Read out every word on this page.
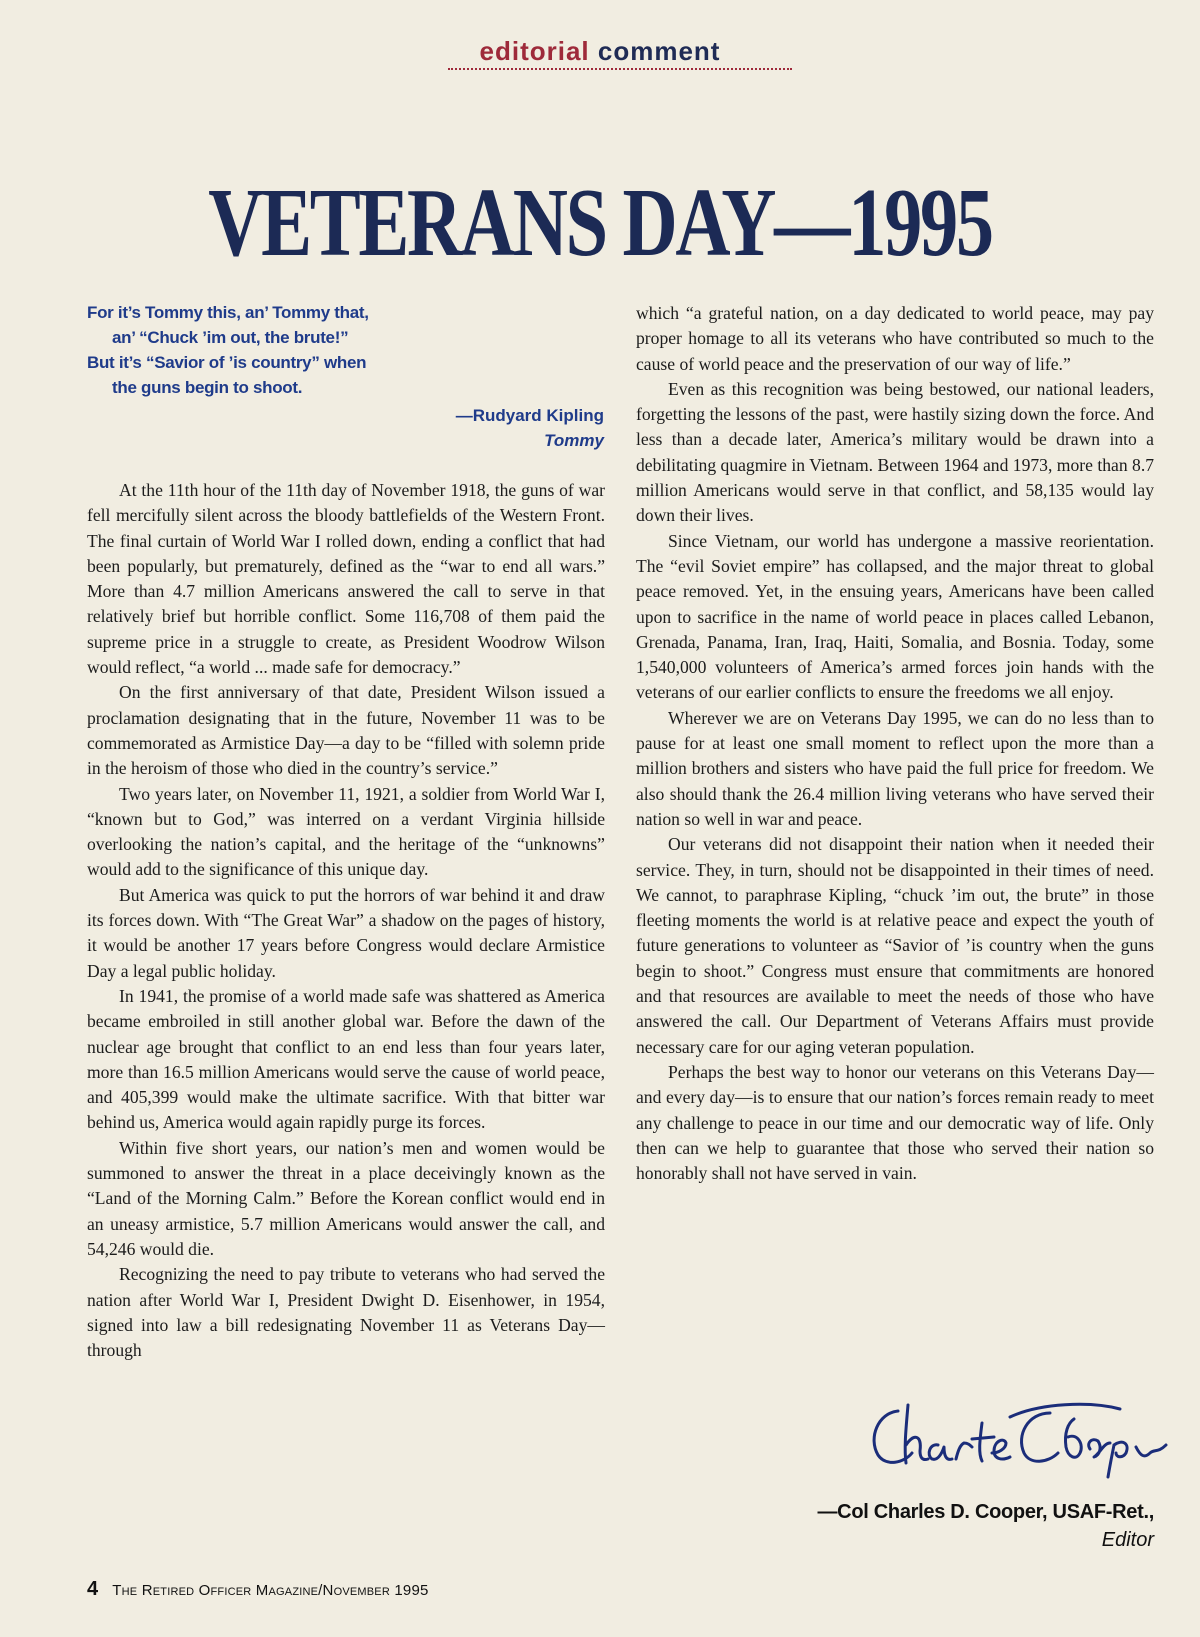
editorial comment
VETERANS DAY—1995
For it’s Tommy this, an’ Tommy that,
an’ “Chuck ’im out, the brute!”
But it’s “Savior of ’is country” when
the guns begin to shoot.
—Rudyard Kipling
Tommy

At the 11th hour of the 11th day of November 1918, the guns of war fell mercifully silent across the bloody battlefields of the Western Front. The final curtain of World War I rolled down, ending a conflict that had been popularly, but prematurely, defined as the “war to end all wars.” More than 4.7 million Americans answered the call to serve in that relatively brief but horrible conflict. Some 116,708 of them paid the supreme price in a struggle to create, as President Woodrow Wilson would reflect, “a world ... made safe for democracy.”

On the first anniversary of that date, President Wilson issued a proclamation designating that in the future, November 11 was to be commemorated as Armistice Day—a day to be “filled with solemn pride in the heroism of those who died in the country’s service.”

Two years later, on November 11, 1921, a soldier from World War I, “known but to God,” was interred on a verdant Virginia hillside overlooking the nation’s capital, and the heritage of the “unknowns” would add to the significance of this unique day.

But America was quick to put the horrors of war behind it and draw its forces down. With “The Great War” a shadow on the pages of history, it would be another 17 years before Congress would declare Armistice Day a legal public holiday.

In 1941, the promise of a world made safe was shattered as America became embroiled in still another global war. Before the dawn of the nuclear age brought that conflict to an end less than four years later, more than 16.5 million Americans would serve the cause of world peace, and 405,399 would make the ultimate sacrifice. With that bitter war behind us, America would again rapidly purge its forces.

Within five short years, our nation’s men and women would be summoned to answer the threat in a place deceivingly known as the “Land of the Morning Calm.” Before the Korean conflict would end in an uneasy armistice, 5.7 million Americans would answer the call, and 54,246 would die.

Recognizing the need to pay tribute to veterans who had served the nation after World War I, President Dwight D. Eisenhower, in 1954, signed into law a bill redesignating November 11 as Veterans Day—through

which “a grateful nation, on a day dedicated to world peace, may pay proper homage to all its veterans who have contributed so much to the cause of world peace and the preservation of our way of life.”

Even as this recognition was being bestowed, our national leaders, forgetting the lessons of the past, were hastily sizing down the force. And less than a decade later, America’s military would be drawn into a debilitating quagmire in Vietnam. Between 1964 and 1973, more than 8.7 million Americans would serve in that conflict, and 58,135 would lay down their lives.

Since Vietnam, our world has undergone a massive reorientation. The “evil Soviet empire” has collapsed, and the major threat to global peace removed. Yet, in the ensuing years, Americans have been called upon to sacrifice in the name of world peace in places called Lebanon, Grenada, Panama, Iran, Iraq, Haiti, Somalia, and Bosnia. Today, some 1,540,000 volunteers of America’s armed forces join hands with the veterans of our earlier conflicts to ensure the freedoms we all enjoy.

Wherever we are on Veterans Day 1995, we can do no less than to pause for at least one small moment to reflect upon the more than a million brothers and sisters who have paid the full price for freedom. We also should thank the 26.4 million living veterans who have served their nation so well in war and peace.

Our veterans did not disappoint their nation when it needed their service. They, in turn, should not be disappointed in their times of need. We cannot, to paraphrase Kipling, “chuck ’im out, the brute” in those fleeting moments the world is at relative peace and expect the youth of future generations to volunteer as “Savior of ’is country when the guns begin to shoot.” Congress must ensure that commitments are honored and that resources are available to meet the needs of those who have answered the call. Our Department of Veterans Affairs must provide necessary care for our aging veteran population.

Perhaps the best way to honor our veterans on this Veterans Day—and every day—is to ensure that our nation’s forces remain ready to meet any challenge to peace in our time and our democratic way of life. Only then can we help to guarantee that those who served their nation so honorably shall not have served in vain.

—Col Charles D. Cooper, USAF-Ret.,
Editor
4 The Retired Officer Magazine/November 1995
